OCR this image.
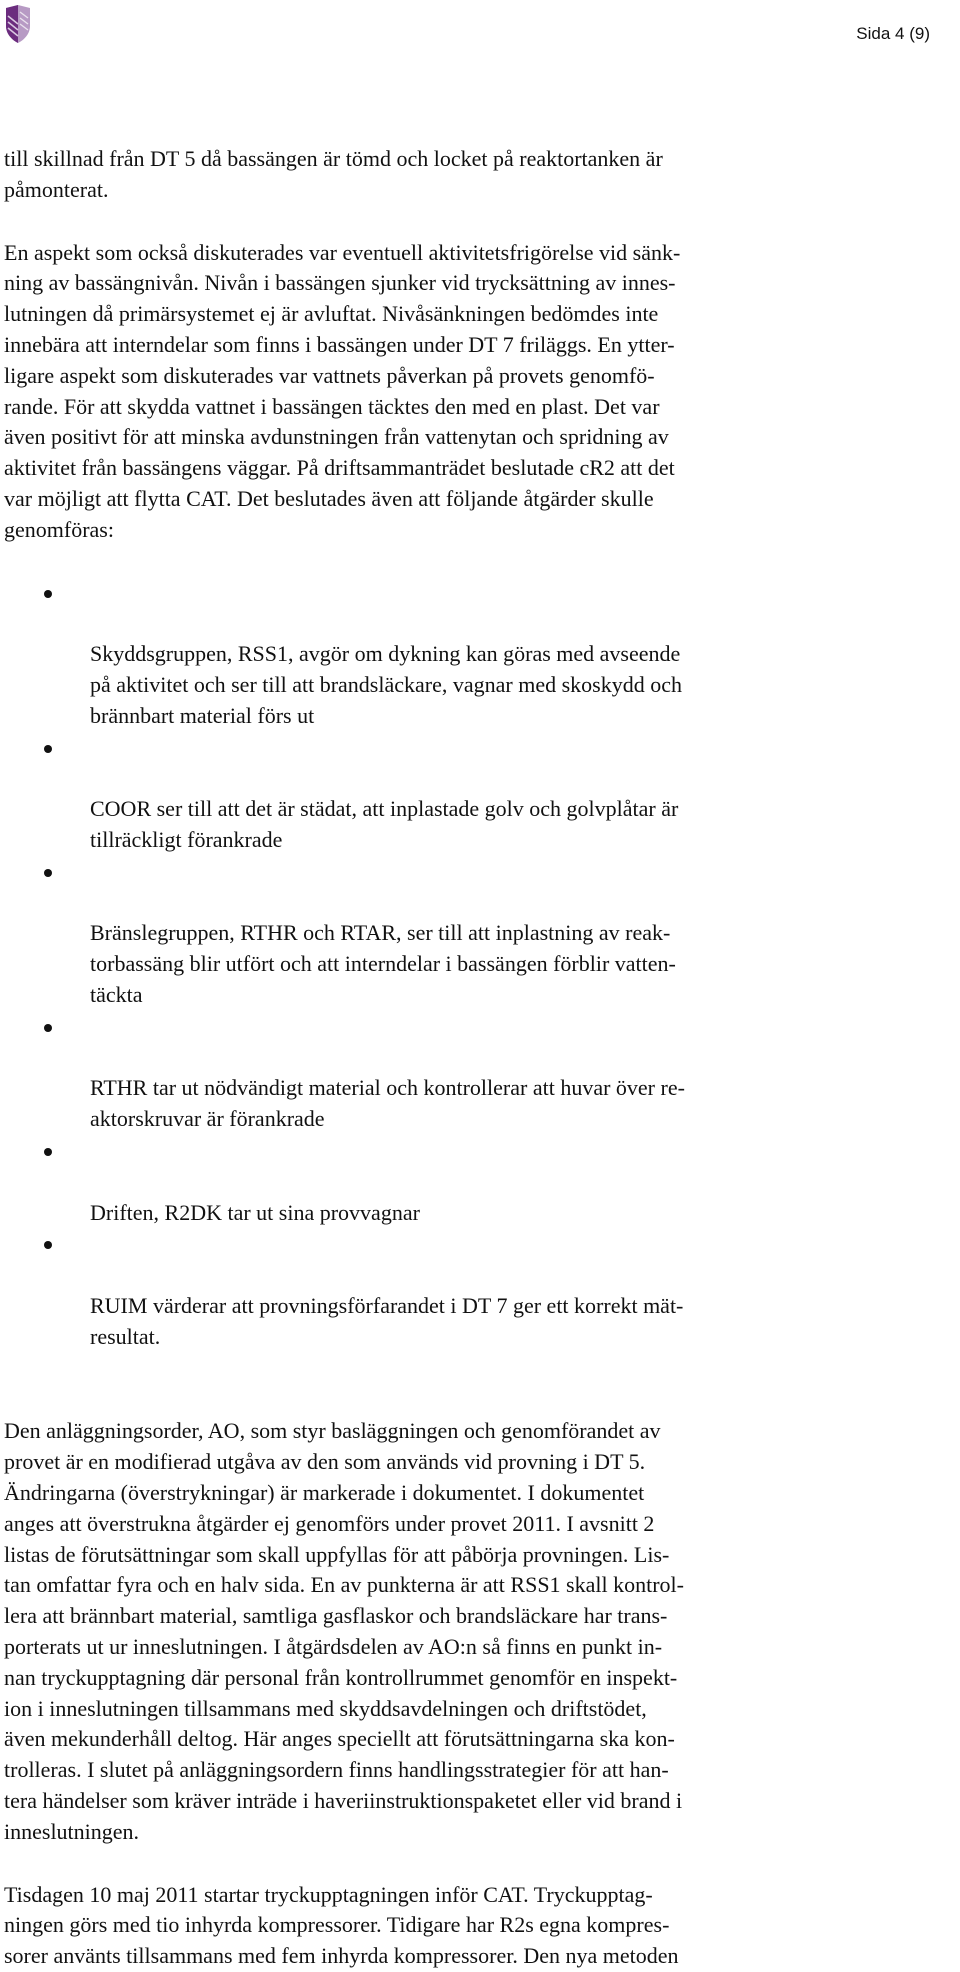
Sida 4 (9)

till skillnad från DT 5 då bassängen är tömd och locket på reaktortanken är
påmonterat.

En aspekt som också diskuterades var eventuell aktivitetsfrigörelse vid sänk-
ning av bassängnivån. Nivån i bassängen sjunker vid trycksättning av innes-
lutningen då primärsystemet ej är avluftat. Nivåsänkningen bedömdes inte
innebära att interndelar som finns i bassängen under DT 7 friläggs. En ytter-
ligare aspekt som diskuterades var vattnets påverkan på provets genomfö-
rande. För att skydda vattnet i bassängen täcktes den med en plast. Det var
även positivt för att minska avdunstningen från vattenytan och spridning av
aktivitet från bassängens väggar. På driftsammanträdet beslutade cR2 att det
var möjligt att flytta CAT. Det beslutades även att följande åtgärder skulle
genomföras:

Skyddsgruppen, RSS1, avgör om dykning kan göras med avseende
på aktivitet och ser till att brandsläckare, vagnar med skoskydd och
brännbart material förs ut

COOR ser till att det är städat, att inplastade golv och golvplåtar är
tillräckligt förankrade

Bränslegruppen, RTHR och RTAR, ser till att inplastning av reak-
torbassäng blir utfört och att interndelar i bassängen förblir vatten-
täckta

RTHR tar ut nödvändigt material och kontrollerar att huvar över re-
aktorskruvar är förankrade

Driften, R2DK tar ut sina provvagnar

RUIM värderar att provningsförfarandet i DT 7 ger ett korrekt mät-
resultat.

Den anläggningsorder, AO, som styr basläggningen och genomförandet av
provet är en modifierad utgåva av den som används vid provning i DT 5.
Ändringarna (överstrykningar) är markerade i dokumentet. I dokumentet
anges att överstrukna åtgärder ej genomförs under provet 2011. I avsnitt 2
listas de förutsättningar som skall uppfyllas för att påbörja provningen. Lis-
tan omfattar fyra och en halv sida. En av punkterna är att RSS1 skall kontrol-
lera att brännbart material, samtliga gasflaskor och brandsläckare har trans-
porterats ut ur inneslutningen. I åtgärdsdelen av AO:n så finns en punkt in-
nan tryckupptagning där personal från kontrollrummet genomför en inspekt-
ion i inneslutningen tillsammans med skyddsavdelningen och driftstödet,
även mekunderhåll deltog. Här anges speciellt att förutsättningarna ska kon-
trolleras. I slutet på anläggningsordern finns handlingsstrategier för att han-
tera händelser som kräver inträde i haveriinstruktionspaketet eller vid brand i
inneslutningen.

Tisdagen 10 maj 2011 startar tryckupptagningen inför CAT. Tryckupptag-
ningen görs med tio inhyrda kompressorer. Tidigare har R2s egna kompres-
sorer använts tillsammans med fem inhyrda kompressorer. Den nya metoden
